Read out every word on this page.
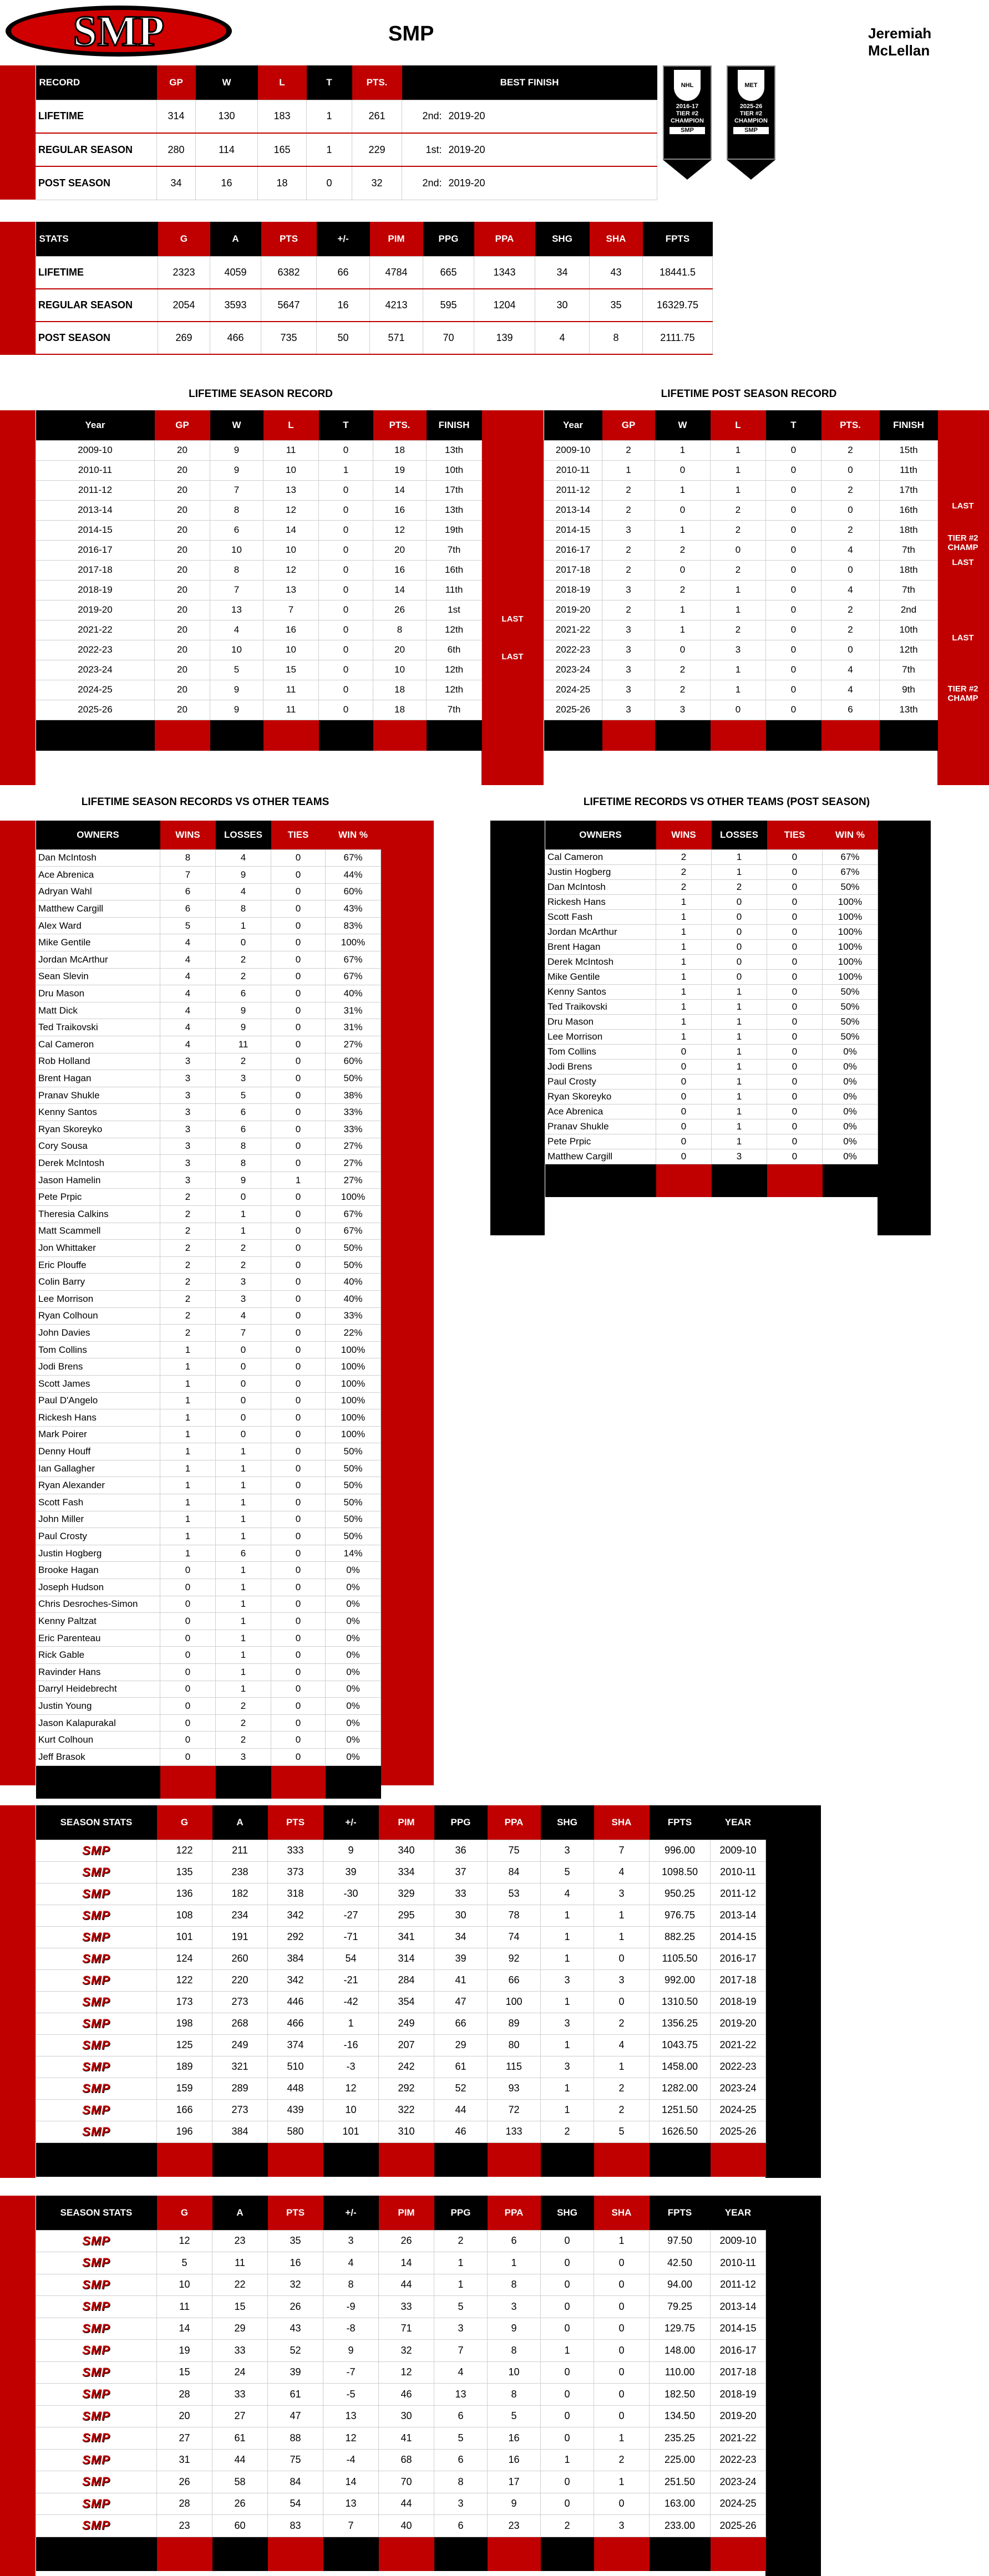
SMP	SMP	Jeremiah McLellan
RECORD	GP	W	L	T	PTS.	BEST FINISH	
LIFETIME	314	130	183	1	261	2nd:	2019-20
REGULAR SEASON	280	114	165	1	229	1st:	2019-20
POST SEASON	34	16	18	0	32	2nd:	2019-20
NHL
2016-17
TIER #2
CHAMPION
SMP
MET
2025-26
TIER #2
CHAMPION
SMP
STATS	G	A	PTS	+/-	PIM	PPG	PPA	SHG	SHA	FPTS
LIFETIME	2323	4059	6382	66	4784	665	1343	34	43	18441.5
REGULAR SEASON	2054	3593	5647	16	4213	595	1204	30	35	16329.75
POST SEASON	269	466	735	50	571	70	139	4	8	2111.75
LIFETIME SEASON RECORD
Year	GP	W	L	T	PTS.	FINISH
2009-10	20	9	11	0	18	13th
2010-11	20	9	10	1	19	10th
2011-12	20	7	13	0	14	17th
2013-14	20	8	12	0	16	13th
2014-15	20	6	14	0	12	19th
2016-17	20	10	10	0	20	7th
2017-18	20	8	12	0	16	16th
2018-19	20	7	13	0	14	11th
2019-20	20	13	7	0	26	1st
2021-22	20	4	16	0	8	12th
2022-23	20	10	10	0	20	6th
2023-24	20	5	15	0	10	12th
2024-25	20	9	11	0	18	12th
2025-26	20	9	11	0	18	7th

LAST
LAST
LIFETIME POST SEASON RECORD
Year	GP	W	L	T	PTS.	FINISH
2009-10	2	1	1	0	2	15th
2010-11	1	0	1	0	0	11th
2011-12	2	1	1	0	2	17th
2013-14	2	0	2	0	0	16th
2014-15	3	1	2	0	2	18th
2016-17	2	2	0	0	4	7th
2017-18	2	0	2	0	0	18th
2018-19	3	2	1	0	4	7th
2019-20	2	1	1	0	2	2nd
2021-22	3	1	2	0	2	10th
2022-23	3	0	3	0	0	12th
2023-24	3	2	1	0	4	7th
2024-25	3	2	1	0	4	9th
2025-26	3	3	0	0	6	13th

LAST
TIER #2 CHAMP
LAST
LAST
TIER #2 CHAMP
LIFETIME SEASON RECORDS VS OTHER TEAMS
OWNERS	WINS	LOSSES	TIES	WIN %
Dan McIntosh	8	4	0	67%
Ace Abrenica	7	9	0	44%
Adryan Wahl	6	4	0	60%
Matthew Cargill	6	8	0	43%
Alex Ward	5	1	0	83%
Mike Gentile	4	0	0	100%
Jordan McArthur	4	2	0	67%
Sean Slevin	4	2	0	67%
Dru Mason	4	6	0	40%
Matt Dick	4	9	0	31%
Ted Traikovski	4	9	0	31%
Cal Cameron	4	11	0	27%
Rob Holland	3	2	0	60%
Brent Hagan	3	3	0	50%
Pranav Shukle	3	5	0	38%
Kenny Santos	3	6	0	33%
Ryan Skoreyko	3	6	0	33%
Cory Sousa	3	8	0	27%
Derek McIntosh	3	8	0	27%
Jason Hamelin	3	9	1	27%
Pete Prpic	2	0	0	100%
Theresia Calkins	2	1	0	67%
Matt Scammell	2	1	0	67%
Jon Whittaker	2	2	0	50%
Eric Plouffe	2	2	0	50%
Colin Barry	2	3	0	40%
Lee Morrison	2	3	0	40%
Ryan Colhoun	2	4	0	33%
John Davies	2	7	0	22%
Tom Collins	1	0	0	100%
Jodi Brens	1	0	0	100%
Scott James	1	0	0	100%
Paul D'Angelo	1	0	0	100%
Rickesh Hans	1	0	0	100%
Mark Poirer	1	0	0	100%
Denny Houff	1	1	0	50%
Ian Gallagher	1	1	0	50%
Ryan Alexander	1	1	0	50%
Scott Fash	1	1	0	50%
John Miller	1	1	0	50%
Paul Crosty	1	1	0	50%
Justin Hogberg	1	6	0	14%
Brooke Hagan	0	1	0	0%
Joseph Hudson	0	1	0	0%
Chris Desroches-Simon	0	1	0	0%
Kenny Paltzat	0	1	0	0%
Eric Parenteau	0	1	0	0%
Rick Gable	0	1	0	0%
Ravinder Hans	0	1	0	0%
Darryl Heidebrecht	0	1	0	0%
Justin Young	0	2	0	0%
Jason Kalapurakal	0	2	0	0%
Kurt Colhoun	0	2	0	0%
Jeff Brasok	0	3	0	0%

LIFETIME RECORDS VS OTHER TEAMS (POST SEASON)
OWNERS	WINS	LOSSES	TIES	WIN %
Cal Cameron	2	1	0	67%
Justin Hogberg	2	1	0	67%
Dan McIntosh	2	2	0	50%
Rickesh Hans	1	0	0	100%
Scott Fash	1	0	0	100%
Jordan McArthur	1	0	0	100%
Brent Hagan	1	0	0	100%
Derek McIntosh	1	0	0	100%
Mike Gentile	1	0	0	100%
Kenny Santos	1	1	0	50%
Ted Traikovski	1	1	0	50%
Dru Mason	1	1	0	50%
Lee Morrison	1	1	0	50%
Tom Collins	0	1	0	0%
Jodi Brens	0	1	0	0%
Paul Crosty	0	1	0	0%
Ryan Skoreyko	0	1	0	0%
Ace Abrenica	0	1	0	0%
Pranav Shukle	0	1	0	0%
Pete Prpic	0	1	0	0%
Matthew Cargill	0	3	0	0%

SEASON STATS	G	A	PTS	+/-	PIM	PPG	PPA	SHG	SHA	FPTS	YEAR
SMP	122	211	333	9	340	36	75	3	7	996.00	2009-10
SMP	135	238	373	39	334	37	84	5	4	1098.50	2010-11
SMP	136	182	318	-30	329	33	53	4	3	950.25	2011-12
SMP	108	234	342	-27	295	30	78	1	1	976.75	2013-14
SMP	101	191	292	-71	341	34	74	1	1	882.25	2014-15
SMP	124	260	384	54	314	39	92	1	0	1105.50	2016-17
SMP	122	220	342	-21	284	41	66	3	3	992.00	2017-18
SMP	173	273	446	-42	354	47	100	1	0	1310.50	2018-19
SMP	198	268	466	1	249	66	89	3	2	1356.25	2019-20
SMP	125	249	374	-16	207	29	80	1	4	1043.75	2021-22
SMP	189	321	510	-3	242	61	115	3	1	1458.00	2022-23
SMP	159	289	448	12	292	52	93	1	2	1282.00	2023-24
SMP	166	273	439	10	322	44	72	1	2	1251.50	2024-25
SMP	196	384	580	101	310	46	133	2	5	1626.50	2025-26

SEASON STATS	G	A	PTS	+/-	PIM	PPG	PPA	SHG	SHA	FPTS	YEAR
SMP	12	23	35	3	26	2	6	0	1	97.50	2009-10
SMP	5	11	16	4	14	1	1	0	0	42.50	2010-11
SMP	10	22	32	8	44	1	8	0	0	94.00	2011-12
SMP	11	15	26	-9	33	5	3	0	0	79.25	2013-14
SMP	14	29	43	-8	71	3	9	0	0	129.75	2014-15
SMP	19	33	52	9	32	7	8	1	0	148.00	2016-17
SMP	15	24	39	-7	12	4	10	0	0	110.00	2017-18
SMP	28	33	61	-5	46	13	8	0	0	182.50	2018-19
SMP	20	27	47	13	30	6	5	0	0	134.50	2019-20
SMP	27	61	88	12	41	5	16	0	1	235.25	2021-22
SMP	31	44	75	-4	68	6	16	1	2	225.00	2022-23
SMP	26	58	84	14	70	8	17	0	1	251.50	2023-24
SMP	28	26	54	13	44	3	9	0	0	163.00	2024-25
SMP	23	60	83	7	40	6	23	2	3	233.00	2025-26
